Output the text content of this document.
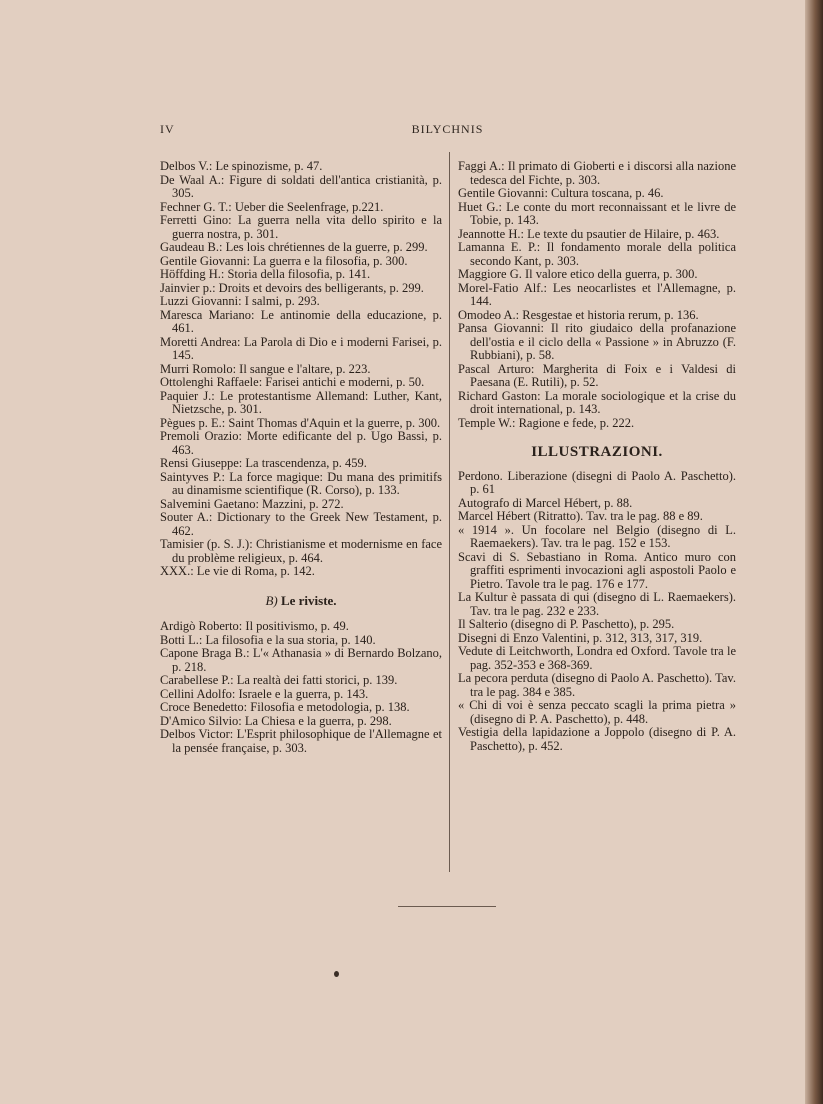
IV	BILYCHNIS

Delbos V.: Le spinozisme, p. 47.

De Waal A.: Figure di soldati dell'antica cristianità, p. 305.

Fechner G. T.: Ueber die Seelenfrage, p.221.

Ferretti Gino: La guerra nella vita dello spirito e la guerra nostra, p. 301.

Gaudeau B.: Les lois chrétiennes de la guerre, p. 299.

Gentile Giovanni: La guerra e la filosofia, p. 300.

Höffding H.: Storia della filosofia, p. 141.

Jainvier p.: Droits et devoirs des belligerants, p. 299.

Luzzi Giovanni: I salmi, p. 293.

Maresca Mariano: Le antinomie della educazione, p. 461.

Moretti Andrea: La Parola di Dio e i moderni Farisei, p. 145.

Murri Romolo: Il sangue e l'altare, p. 223.

Ottolenghi Raffaele: Farisei antichi e moderni, p. 50.

Paquier J.: Le protestantisme Allemand: Luther, Kant, Nietzsche, p. 301.

Pègues p. E.: Saint Thomas d'Aquin et la guerre, p. 300.

Premoli Orazio: Morte edificante del p. Ugo Bassi, p. 463.

Rensi Giuseppe: La trascendenza, p. 459.

Saintyves P.: La force magique: Du mana des primitifs au dinamisme scientifique (R. Corso), p. 133.

Salvemini Gaetano: Mazzini, p. 272.

Souter A.: Dictionary to the Greek New Testament, p. 462.

Tamisier (p. S. J.): Christianisme et modernisme en face du problème religieux, p. 464.

XXX.: Le vie di Roma, p. 142.

B) Le riviste.

Ardigò Roberto: Il positivismo, p. 49.

Botti L.: La filosofia e la sua storia, p. 140.

Capone Braga B.: L'« Athanasia » di Bernardo Bolzano, p. 218.

Carabellese P.: La realtà dei fatti storici, p. 139.

Cellini Adolfo: Israele e la guerra, p. 143.

Croce Benedetto: Filosofia e metodologia, p. 138.

D'Amico Silvio: La Chiesa e la guerra, p. 298.

Delbos Victor: L'Esprit philosophique de l'Allemagne et la pensée française, p. 303.

Faggi A.: Il primato di Gioberti e i discorsi alla nazione tedesca del Fichte, p. 303.

Gentile Giovanni: Cultura toscana, p. 46.

Huet G.: Le conte du mort reconnaissant et le livre de Tobie, p. 143.

Jeannotte H.: Le texte du psautier de Hilaire, p. 463.

Lamanna E. P.: Il fondamento morale della politica secondo Kant, p. 303.

Maggiore G. Il valore etico della guerra, p. 300.

Morel-Fatio Alf.: Les neocarlistes et l'Allemagne, p. 144.

Omodeo A.: Resgestae et historia rerum, p. 136.

Pansa Giovanni: Il rito giudaico della profanazione dell'ostia e il ciclo della « Passione » in Abruzzo (F. Rubbiani), p. 58.

Pascal Arturo: Margherita di Foix e i Valdesi di Paesana (E. Rutili), p. 52.

Richard Gaston: La morale sociologique et la crise du droit international, p. 143.

Temple W.: Ragione e fede, p. 222.

ILLUSTRAZIONI.

Perdono. Liberazione (disegni di Paolo A. Paschetto). p. 61

Autografo di Marcel Hébert, p. 88.

Marcel Hébert (Ritratto). Tav. tra le pag. 88 e 89.

« 1914 ». Un focolare nel Belgio (disegno di L. Raemaekers). Tav. tra le pag. 152 e 153.

Scavi di S. Sebastiano in Roma. Antico muro con graffiti esprimenti invocazioni agli aspostoli Paolo e Pietro. Tavole tra le pag. 176 e 177.

La Kultur è passata di qui (disegno di L. Raemaekers). Tav. tra le pag. 232 e 233.

Il Salterio (disegno di P. Paschetto), p. 295.

Disegni di Enzo Valentini, p. 312, 313, 317, 319.

Vedute di Leitchworth, Londra ed Oxford. Tavole tra le pag. 352-353 e 368-369.

La pecora perduta (disegno di Paolo A. Paschetto). Tav. tra le pag. 384 e 385.

« Chi di voi è senza peccato scagli la prima pietra » (disegno di P. A. Paschetto), p. 448.

Vestigia della lapidazione a Joppolo (disegno di P. A. Paschetto), p. 452.
